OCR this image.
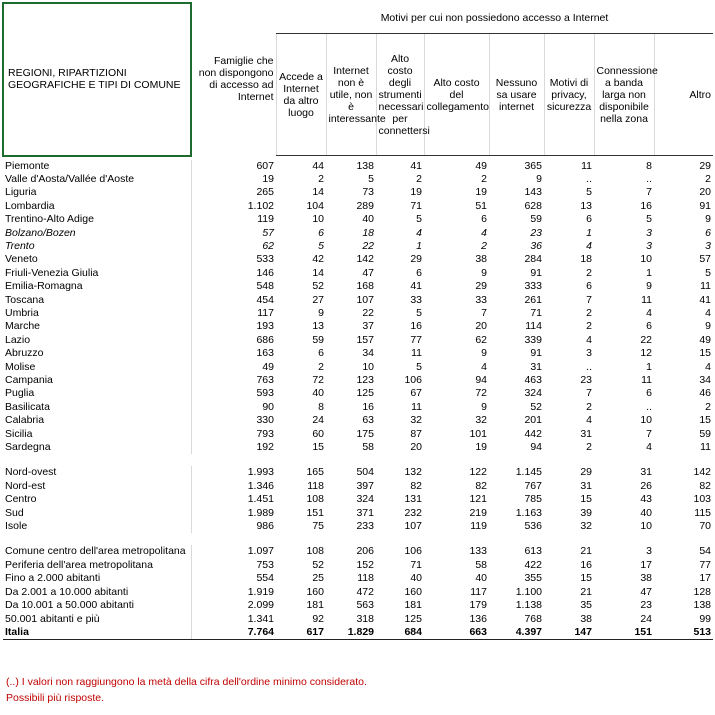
REGIONI, RIPARTIZIONI GEOGRAFICHE E TIPI DI COMUNE	Famiglie che non dispongono di accesso ad Internet	Motivi per cui non possiedono accesso a Internet							
		Accede a Internet da altro luogo	Internet non è utile, non è interessante	Alto costo degli strumenti necessari per connettersi	Alto costo del collegamento	Nessuno sa usare internet	Motivi di privacy, sicurezza	Connessione a banda larga non disponibile nella zona	Altro

Piemonte	607	44	138	41	49	365	11	8	29
Valle d'Aosta/Vallée d'Aoste	19	2	5	2	2	9	..	..	2
Liguria	265	14	73	19	19	143	5	7	20
Lombardia	1.102	104	289	71	51	628	13	16	91
Trentino-Alto Adige	119	10	40	5	6	59	6	5	9
Bolzano/Bozen	57	6	18	4	4	23	1	3	6
Trento	62	5	22	1	2	36	4	3	3
Veneto	533	42	142	29	38	284	18	10	57
Friuli-Venezia Giulia	146	14	47	6	9	91	2	1	5
Emilia-Romagna	548	52	168	41	29	333	6	9	11
Toscana	454	27	107	33	33	261	7	11	41
Umbria	117	9	22	5	7	71	2	4	4
Marche	193	13	37	16	20	114	2	6	9
Lazio	686	59	157	77	62	339	4	22	49
Abruzzo	163	6	34	11	9	91	3	12	15
Molise	49	2	10	5	4	31	..	1	4
Campania	763	72	123	106	94	463	23	11	34
Puglia	593	40	125	67	72	324	7	6	46
Basilicata	90	8	16	11	9	52	2	..	2
Calabria	330	24	63	32	32	201	4	10	15
Sicilia	793	60	175	87	101	442	31	7	59
Sardegna	192	15	58	20	19	94	2	4	11

Nord-ovest	1.993	165	504	132	122	1.145	29	31	142
Nord-est	1.346	118	397	82	82	767	31	26	82
Centro	1.451	108	324	131	121	785	15	43	103
Sud	1.989	151	371	232	219	1.163	39	40	115
Isole	986	75	233	107	119	536	32	10	70

Comune centro dell'area metropolitana	1.097	108	206	106	133	613	21	3	54
Periferia dell'area metropolitana	753	52	152	71	58	422	16	17	77
Fino a 2.000 abitanti	554	25	118	40	40	355	15	38	17
Da 2.001 a 10.000 abitanti	1.919	160	472	160	117	1.100	21	47	128
Da 10.001 a 50.000 abitanti	2.099	181	563	181	179	1.138	35	23	138
50.001 abitanti e più	1.341	92	318	125	136	768	38	24	99
Italia	7.764	617	1.829	684	663	4.397	147	151	513
(..) I valori non raggiungono la metà della cifra dell'ordine minimo considerato.
Possibili più risposte.
